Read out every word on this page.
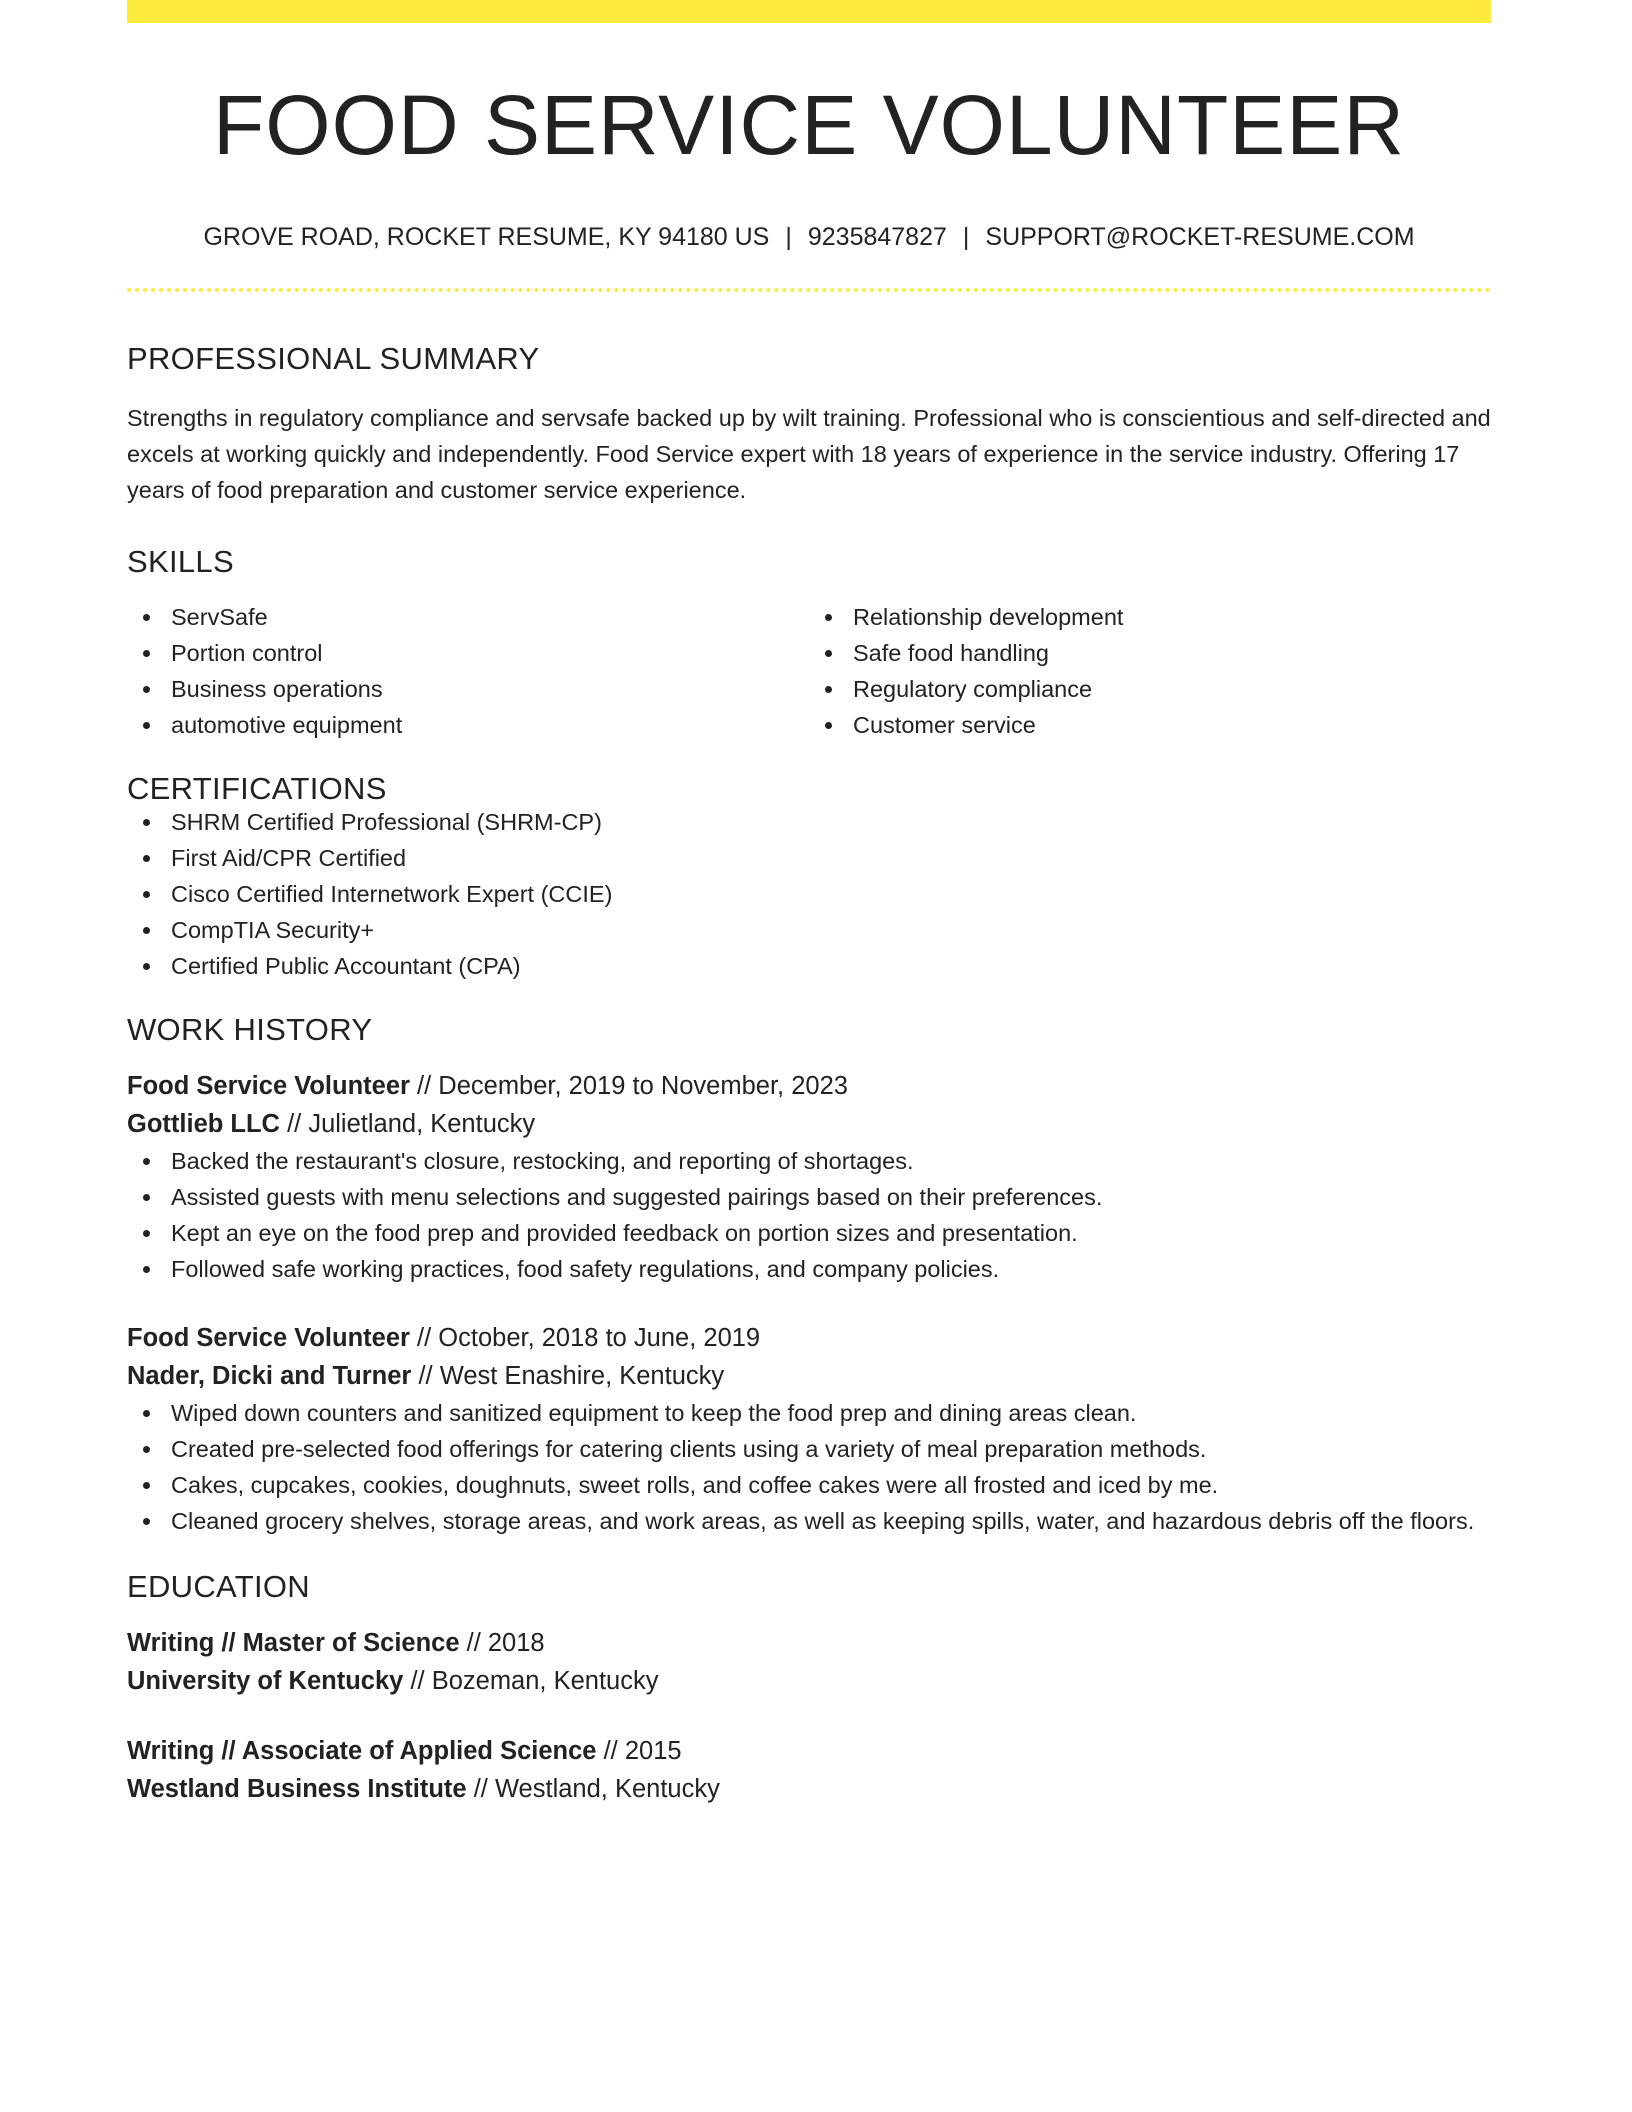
FOOD SERVICE VOLUNTEER
GROVE ROAD, ROCKET RESUME, KY 94180 US | 9235847827 | SUPPORT@ROCKET-RESUME.COM
PROFESSIONAL SUMMARY
Strengths in regulatory compliance and servsafe backed up by wilt training. Professional who is conscientious and self-directed and excels at working quickly and independently. Food Service expert with 18 years of experience in the service industry. Offering 17 years of food preparation and customer service experience.
SKILLS
ServSafe
Portion control
Business operations
automotive equipment
Relationship development
Safe food handling
Regulatory compliance
Customer service
CERTIFICATIONS
SHRM Certified Professional (SHRM-CP)
First Aid/CPR Certified
Cisco Certified Internetwork Expert (CCIE)
CompTIA Security+
Certified Public Accountant (CPA)
WORK HISTORY
Food Service Volunteer // December, 2019 to November, 2023
Gottlieb LLC // Julietland, Kentucky
Backed the restaurant's closure, restocking, and reporting of shortages.
Assisted guests with menu selections and suggested pairings based on their preferences.
Kept an eye on the food prep and provided feedback on portion sizes and presentation.
Followed safe working practices, food safety regulations, and company policies.
Food Service Volunteer // October, 2018 to June, 2019
Nader, Dicki and Turner // West Enashire, Kentucky
Wiped down counters and sanitized equipment to keep the food prep and dining areas clean.
Created pre-selected food offerings for catering clients using a variety of meal preparation methods.
Cakes, cupcakes, cookies, doughnuts, sweet rolls, and coffee cakes were all frosted and iced by me.
Cleaned grocery shelves, storage areas, and work areas, as well as keeping spills, water, and hazardous debris off the floors.
EDUCATION
Writing // Master of Science // 2018
University of Kentucky // Bozeman, Kentucky
Writing // Associate of Applied Science // 2015
Westland Business Institute // Westland, Kentucky
